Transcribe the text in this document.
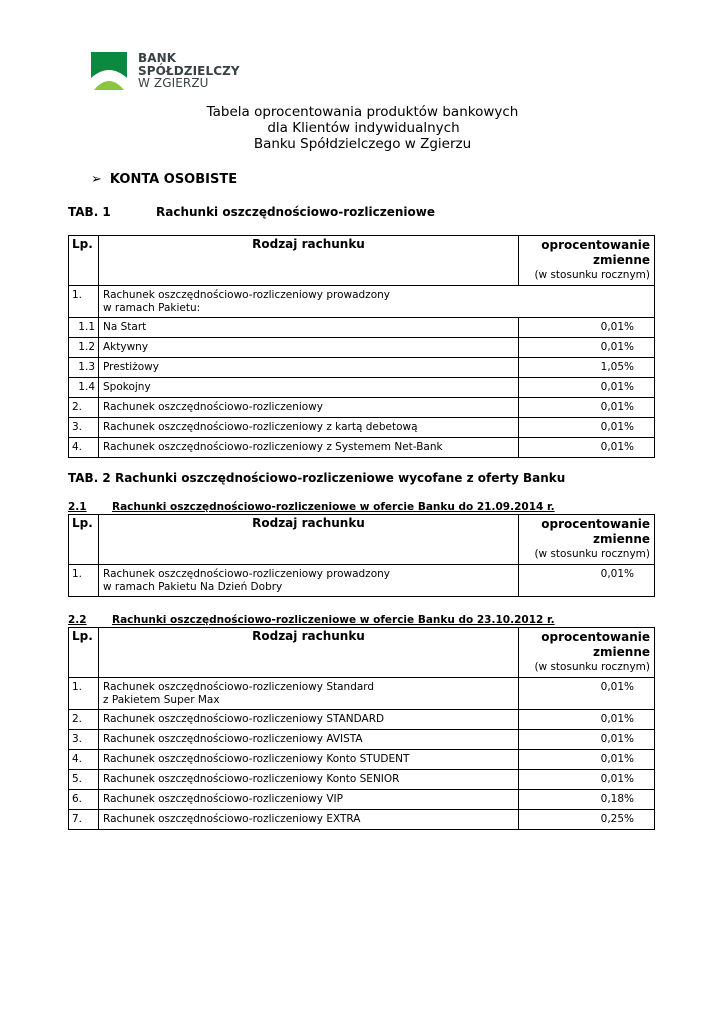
BANK
SPÓŁDZIELCZY
W ZGIERZU
Tabela oprocentowania produktów bankowych
dla Klientów indywidualnych
Banku Spółdzielczego w Zgierzu
➢ KONTA OSOBISTE
TAB. 1	Rachunki oszczędnościowo-rozliczeniowe
Lp.	Rodzaj rachunku	oprocentowanie
zmienne
(w stosunku rocznym)

1.	Rachunek oszczędnościowo-rozliczeniowy prowadzony
w ramach Pakietu:	
1.1	Na Start	0,01%
1.2	Aktywny	0,01%
1.3	Prestiżowy	1,05%
1.4	Spokojny	0,01%
2.	Rachunek oszczędnościowo-rozliczeniowy	0,01%
3.	Rachunek oszczędnościowo-rozliczeniowy z kartą debetową	0,01%
4.	Rachunek oszczędnościowo-rozliczeniowy z Systemem Net-Bank	0,01%
TAB. 2 Rachunki oszczędnościowo-rozliczeniowe wycofane z oferty Banku
2.1 Rachunki oszczędnościowo-rozliczeniowe w ofercie Banku do 21.09.2014 r.
Lp.	Rodzaj rachunku	oprocentowanie
zmienne
(w stosunku rocznym)

1.	Rachunek oszczędnościowo-rozliczeniowy prowadzony
w ramach Pakietu Na Dzień Dobry	0,01%
2.2 Rachunki oszczędnościowo-rozliczeniowe w ofercie Banku do 23.10.2012 r.
Lp.	Rodzaj rachunku	oprocentowanie
zmienne
(w stosunku rocznym)

1.	Rachunek oszczędnościowo-rozliczeniowy Standard
z Pakietem Super Max	0,01%
2.	Rachunek oszczędnościowo-rozliczeniowy STANDARD	0,01%
3.	Rachunek oszczędnościowo-rozliczeniowy AVISTA	0,01%
4.	Rachunek oszczędnościowo-rozliczeniowy Konto STUDENT	0,01%
5.	Rachunek oszczędnościowo-rozliczeniowy Konto SENIOR	0,01%
6.	Rachunek oszczędnościowo-rozliczeniowy VIP	0,18%
7.	Rachunek oszczędnościowo-rozliczeniowy EXTRA	0,25%
